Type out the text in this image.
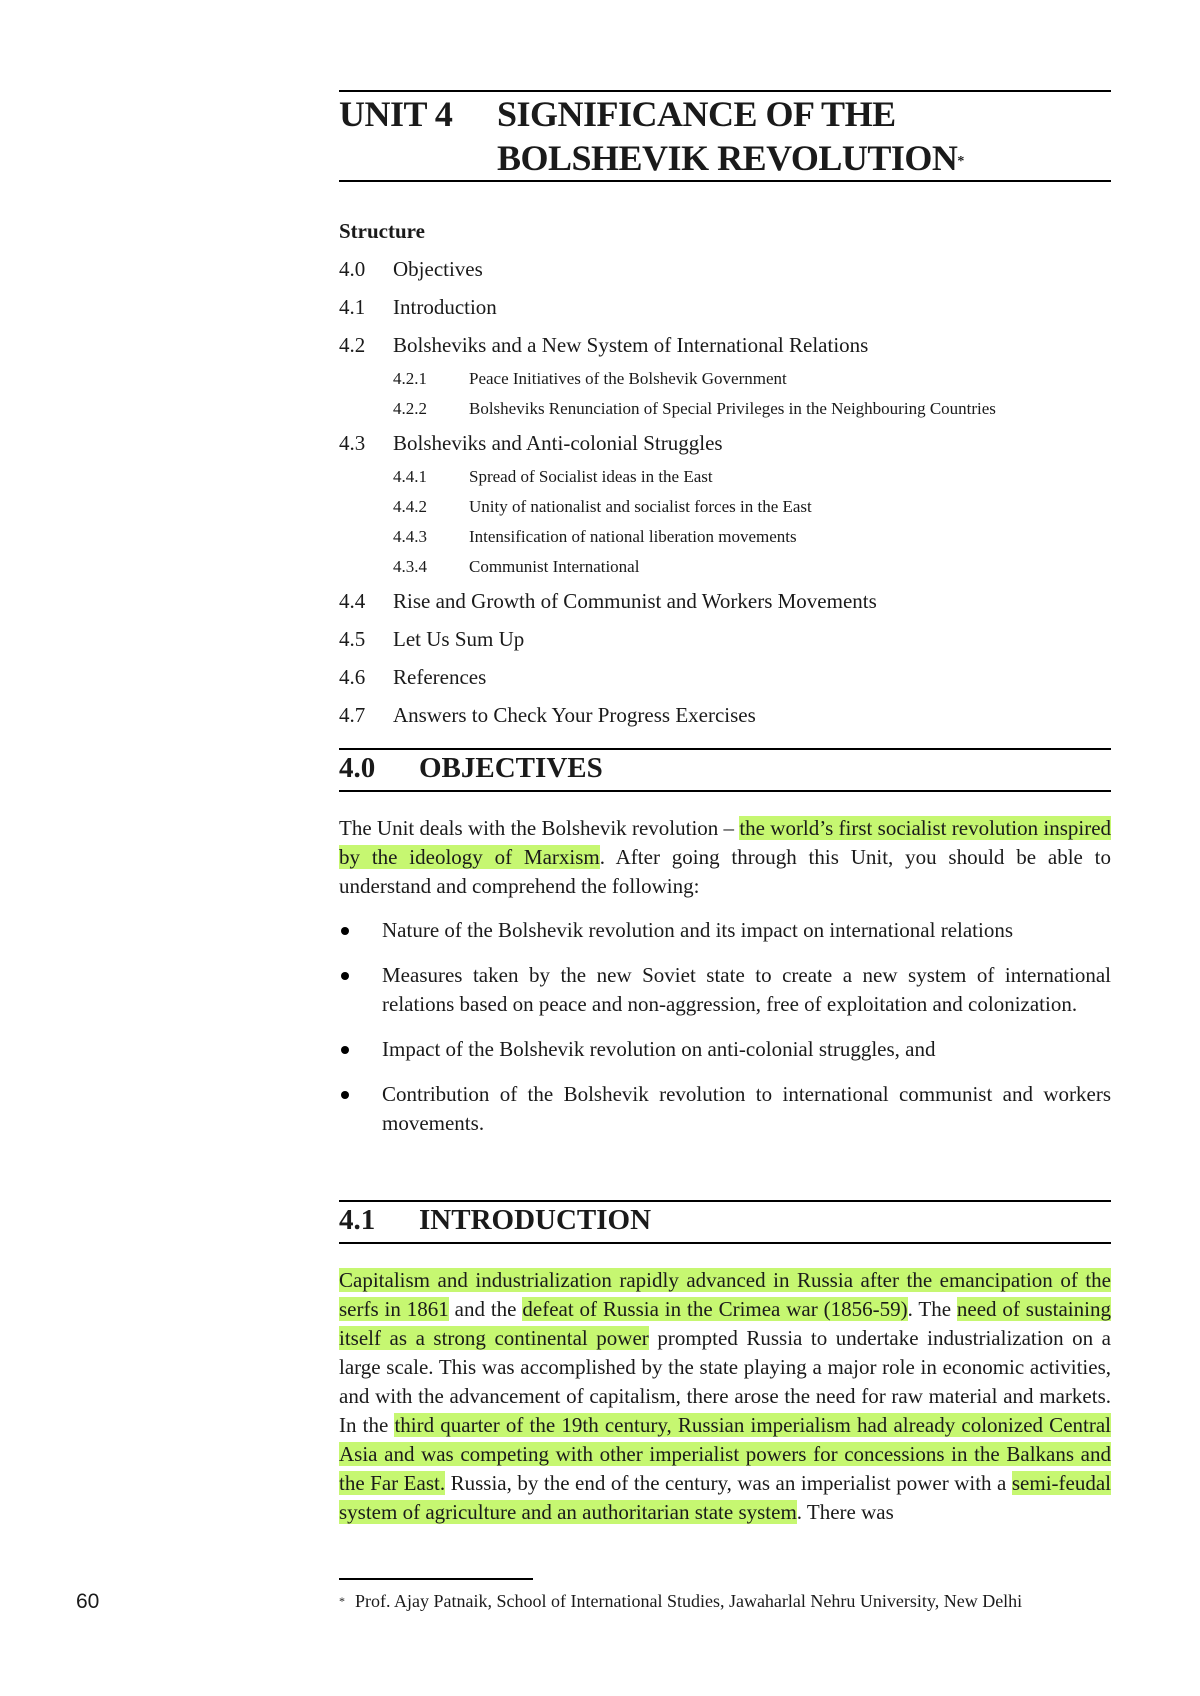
UNIT 4 SIGNIFICANCE OF THE
BOLSHEVIK REVOLUTION*
Structure
4.0 Objectives
4.1 Introduction
4.2 Bolsheviks and a New System of International Relations
4.2.1 Peace Initiatives of the Bolshevik Government
4.2.2 Bolsheviks Renunciation of Special Privileges in the Neighbouring Countries
4.3 Bolsheviks and Anti-colonial Struggles
4.4.1 Spread of Socialist ideas in the East
4.4.2 Unity of nationalist and socialist forces in the East
4.4.3 Intensification of national liberation movements
4.3.4 Communist International
4.4 Rise and Growth of Communist and Workers Movements
4.5 Let Us Sum Up
4.6 References
4.7 Answers to Check Your Progress Exercises
4.0 OBJECTIVES
The Unit deals with the Bolshevik revolution – the world’s first socialist revolution inspired by the ideology of Marxism. After going through this Unit, you should be able to understand and comprehend the following:
Nature of the Bolshevik revolution and its impact on international relations
Measures taken by the new Soviet state to create a new system of international relations based on peace and non-aggression, free of exploitation and colonization.
Impact of the Bolshevik revolution on anti-colonial struggles, and
Contribution of the Bolshevik revolution to international communist and workers movements.
4.1 INTRODUCTION
Capitalism and industrialization rapidly advanced in Russia after the emancipation of the serfs in 1861 and the defeat of Russia in the Crimea war (1856-59). The need of sustaining itself as a strong continental power prompted Russia to undertake industrialization on a large scale. This was accomplished by the state playing a major role in economic activities, and with the advancement of capitalism, there arose the need for raw material and markets. In the third quarter of the 19th century, Russian imperialism had already colonized Central Asia and was competing with other imperialist powers for concessions in the Balkans and the Far East. Russia, by the end of the century, was an imperialist power with a semi-feudal system of agriculture and an authoritarian state system. There was
* Prof. Ajay Patnaik, School of International Studies, Jawaharlal Nehru University, New Delhi
60
